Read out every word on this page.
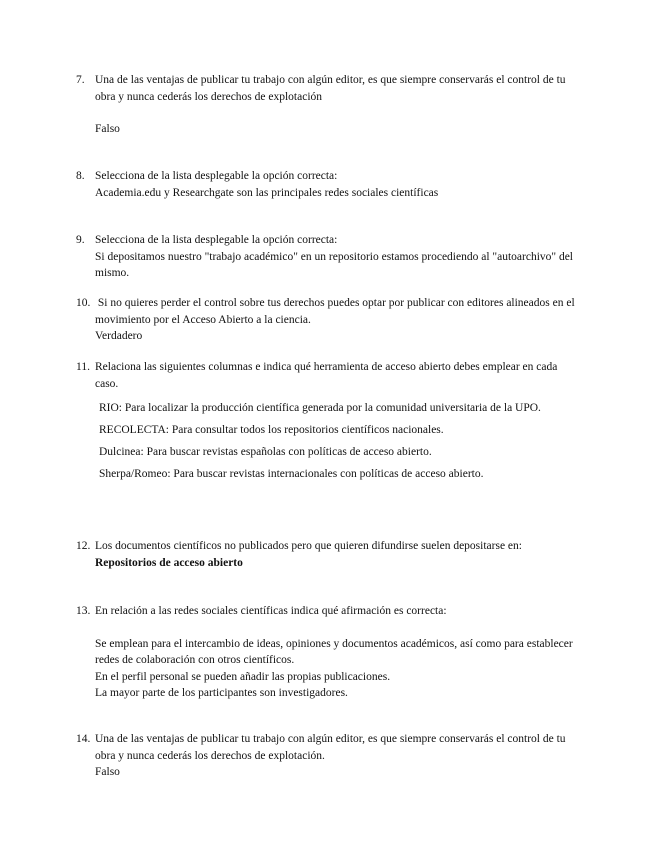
7. Una de las ventajas de publicar tu trabajo con algún editor, es que siempre conservarás el control de tu obra y nunca cederás los derechos de explotación
Falso
8. Selecciona de la lista desplegable la opción correcta:
Academia.edu y Researchgate son las principales redes sociales científicas
9. Selecciona de la lista desplegable la opción correcta:
Si depositamos nuestro "trabajo académico" en un repositorio estamos procediendo al "autoarchivo" del mismo.
10. Si no quieres perder el control sobre tus derechos puedes optar por publicar con editores alineados en el movimiento por el Acceso Abierto a la ciencia.
Verdadero
11. Relaciona las siguientes columnas e indica qué herramienta de acceso abierto debes emplear en cada caso.
RIO: Para localizar la producción científica generada por la comunidad universitaria de la UPO.
RECOLECTA: Para consultar todos los repositorios científicos nacionales.
Dulcinea: Para buscar revistas españolas con políticas de acceso abierto.
Sherpa/Romeo: Para buscar revistas internacionales con políticas de acceso abierto.
12. Los documentos científicos no publicados pero que quieren difundirse suelen depositarse en:
Repositorios de acceso abierto
13. En relación a las redes sociales científicas indica qué afirmación es correcta:
Se emplean para el intercambio de ideas, opiniones y documentos académicos, así como para establecer redes de colaboración con otros científicos.
En el perfil personal se pueden añadir las propias publicaciones.
La mayor parte de los participantes son investigadores.
14. Una de las ventajas de publicar tu trabajo con algún editor, es que siempre conservarás el control de tu obra y nunca cederás los derechos de explotación.
Falso
